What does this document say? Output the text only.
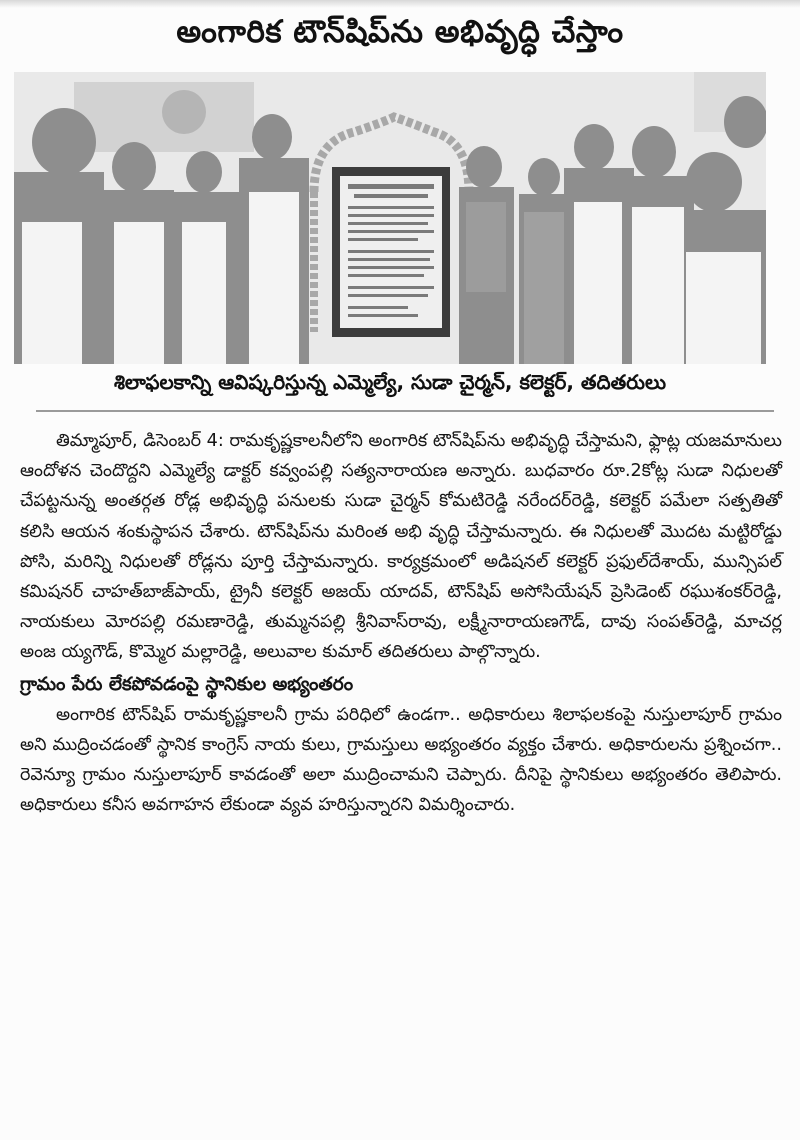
అంగారిక టౌన్‌షిప్‌ను అభివృద్ధి చేస్తాం
శిలాఫలకాన్ని ఆవిష్కరిస్తున్న ఎమ్మెల్యే, సుడా చైర్మన్, కలెక్టర్, తదితరులు

తిమ్మాపూర్, డిసెంబర్ 4: రామకృష్ణకాలనీలోని అంగారిక టౌన్‌షిప్‌ను అభివృద్ధి చేస్తామని, ఫ్లాట్ల యజమానులు ఆందోళన చెందొద్దని ఎమ్మెల్యే డాక్టర్ కవ్వంపల్లి సత్యనారాయణ అన్నారు. బుధవారం రూ.2కోట్ల సుడా నిధులతో చేపట్టనున్న అంతర్గత రోడ్ల అభివృద్ధి పనులకు సుడా చైర్మన్ కోమటిరెడ్డి నరేందర్‌రెడ్డి, కలెక్టర్ పమేలా సత్పతితో కలిసి ఆయన శంకుస్థాపన చేశారు. టౌన్‌షిప్‌ను మరింత అభి వృద్ధి చేస్తామన్నారు. ఈ నిధులతో మొదట మట్టిరోడ్డు పోసి, మరిన్ని నిధులతో రోడ్లను పూర్తి చేస్తామన్నారు. కార్యక్రమంలో అడిషనల్ కలెక్టర్ ప్రఫుల్‌దేశాయ్, మున్సిపల్ కమిషనర్ చాహత్‌బాజ్‌పాయ్, ట్రైనీ కలెక్టర్ అజయ్ యాదవ్, టౌన్‌షిప్ అసోసియేషన్ ప్రెసిడెంట్ రఘుశంకర్‌రెడ్డి, నాయకులు మోరపల్లి రమణారెడ్డి, తుమ్మనపల్లి శ్రీనివాస్‌రావు, లక్ష్మీనారాయణగౌడ్, దావు సంపత్‌రెడ్డి, మాచర్ల అంజ య్యగౌడ్, కొమ్మెర మల్లారెడ్డి, అలువాల కుమార్ తదితరులు పాల్గొన్నారు.

గ్రామం పేరు లేకపోవడంపై స్థానికుల అభ్యంతరం

అంగారిక టౌన్‌షిప్ రామకృష్ణకాలనీ గ్రామ పరిధిలో ఉండగా.. అధికారులు శిలాఫలకంపై నుస్తులాపూర్ గ్రామం అని ముద్రించడంతో స్థానిక కాంగ్రెస్ నాయ కులు, గ్రామస్తులు అభ్యంతరం వ్యక్తం చేశారు. అధికారులను ప్రశ్నించగా.. రెవెన్యూ గ్రామం నుస్తులాపూర్ కావడంతో అలా ముద్రించామని చెప్పారు. దీనిపై స్థానికులు అభ్యంతరం తెలిపారు. అధికారులు కనీస అవగాహన లేకుండా వ్యవ హరిస్తున్నారని విమర్శించారు.
